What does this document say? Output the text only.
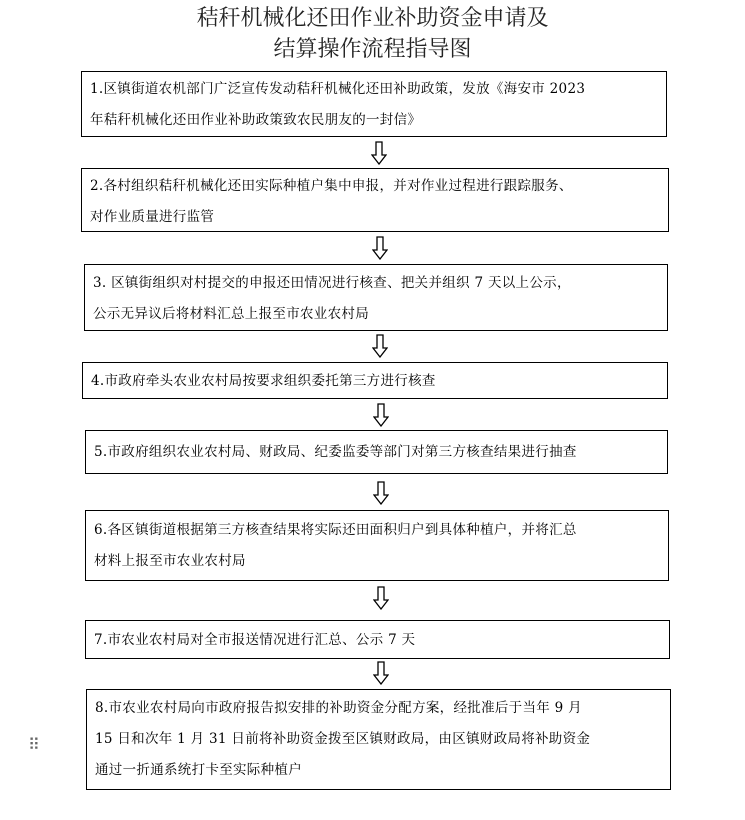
秸秆机械化还田作业补助资金申请及
结算操作流程指导图

1.区镇街道农机部门广泛宣传发动秸秆机械化还田补助政策，发放《海安市 2023

年秸秆机械化还田作业补助政策致农民朋友的一封信》

2.各村组织秸秆机械化还田实际种植户集中申报，并对作业过程进行跟踪服务、

对作业质量进行监管

3. 区镇街组织对村提交的申报还田情况进行核查、把关并组织 7 天以上公示，

公示无异议后将材料汇总上报至市农业农村局

4.市政府牵头农业农村局按要求组织委托第三方进行核查

5.市政府组织农业农村局、财政局、纪委监委等部门对第三方核查结果进行抽查

6.各区镇街道根据第三方核查结果将实际还田面积归户到具体种植户，并将汇总

材料上报至市农业农村局

7.市农业农村局对全市报送情况进行汇总、公示 7 天

8.市农业农村局向市政府报告拟安排的补助资金分配方案，经批准后于当年 9 月

15 日和次年 1 月 31 日前将补助资金拨至区镇财政局，由区镇财政局将补助资金

通过一折通系统打卡至实际种植户

⠿
